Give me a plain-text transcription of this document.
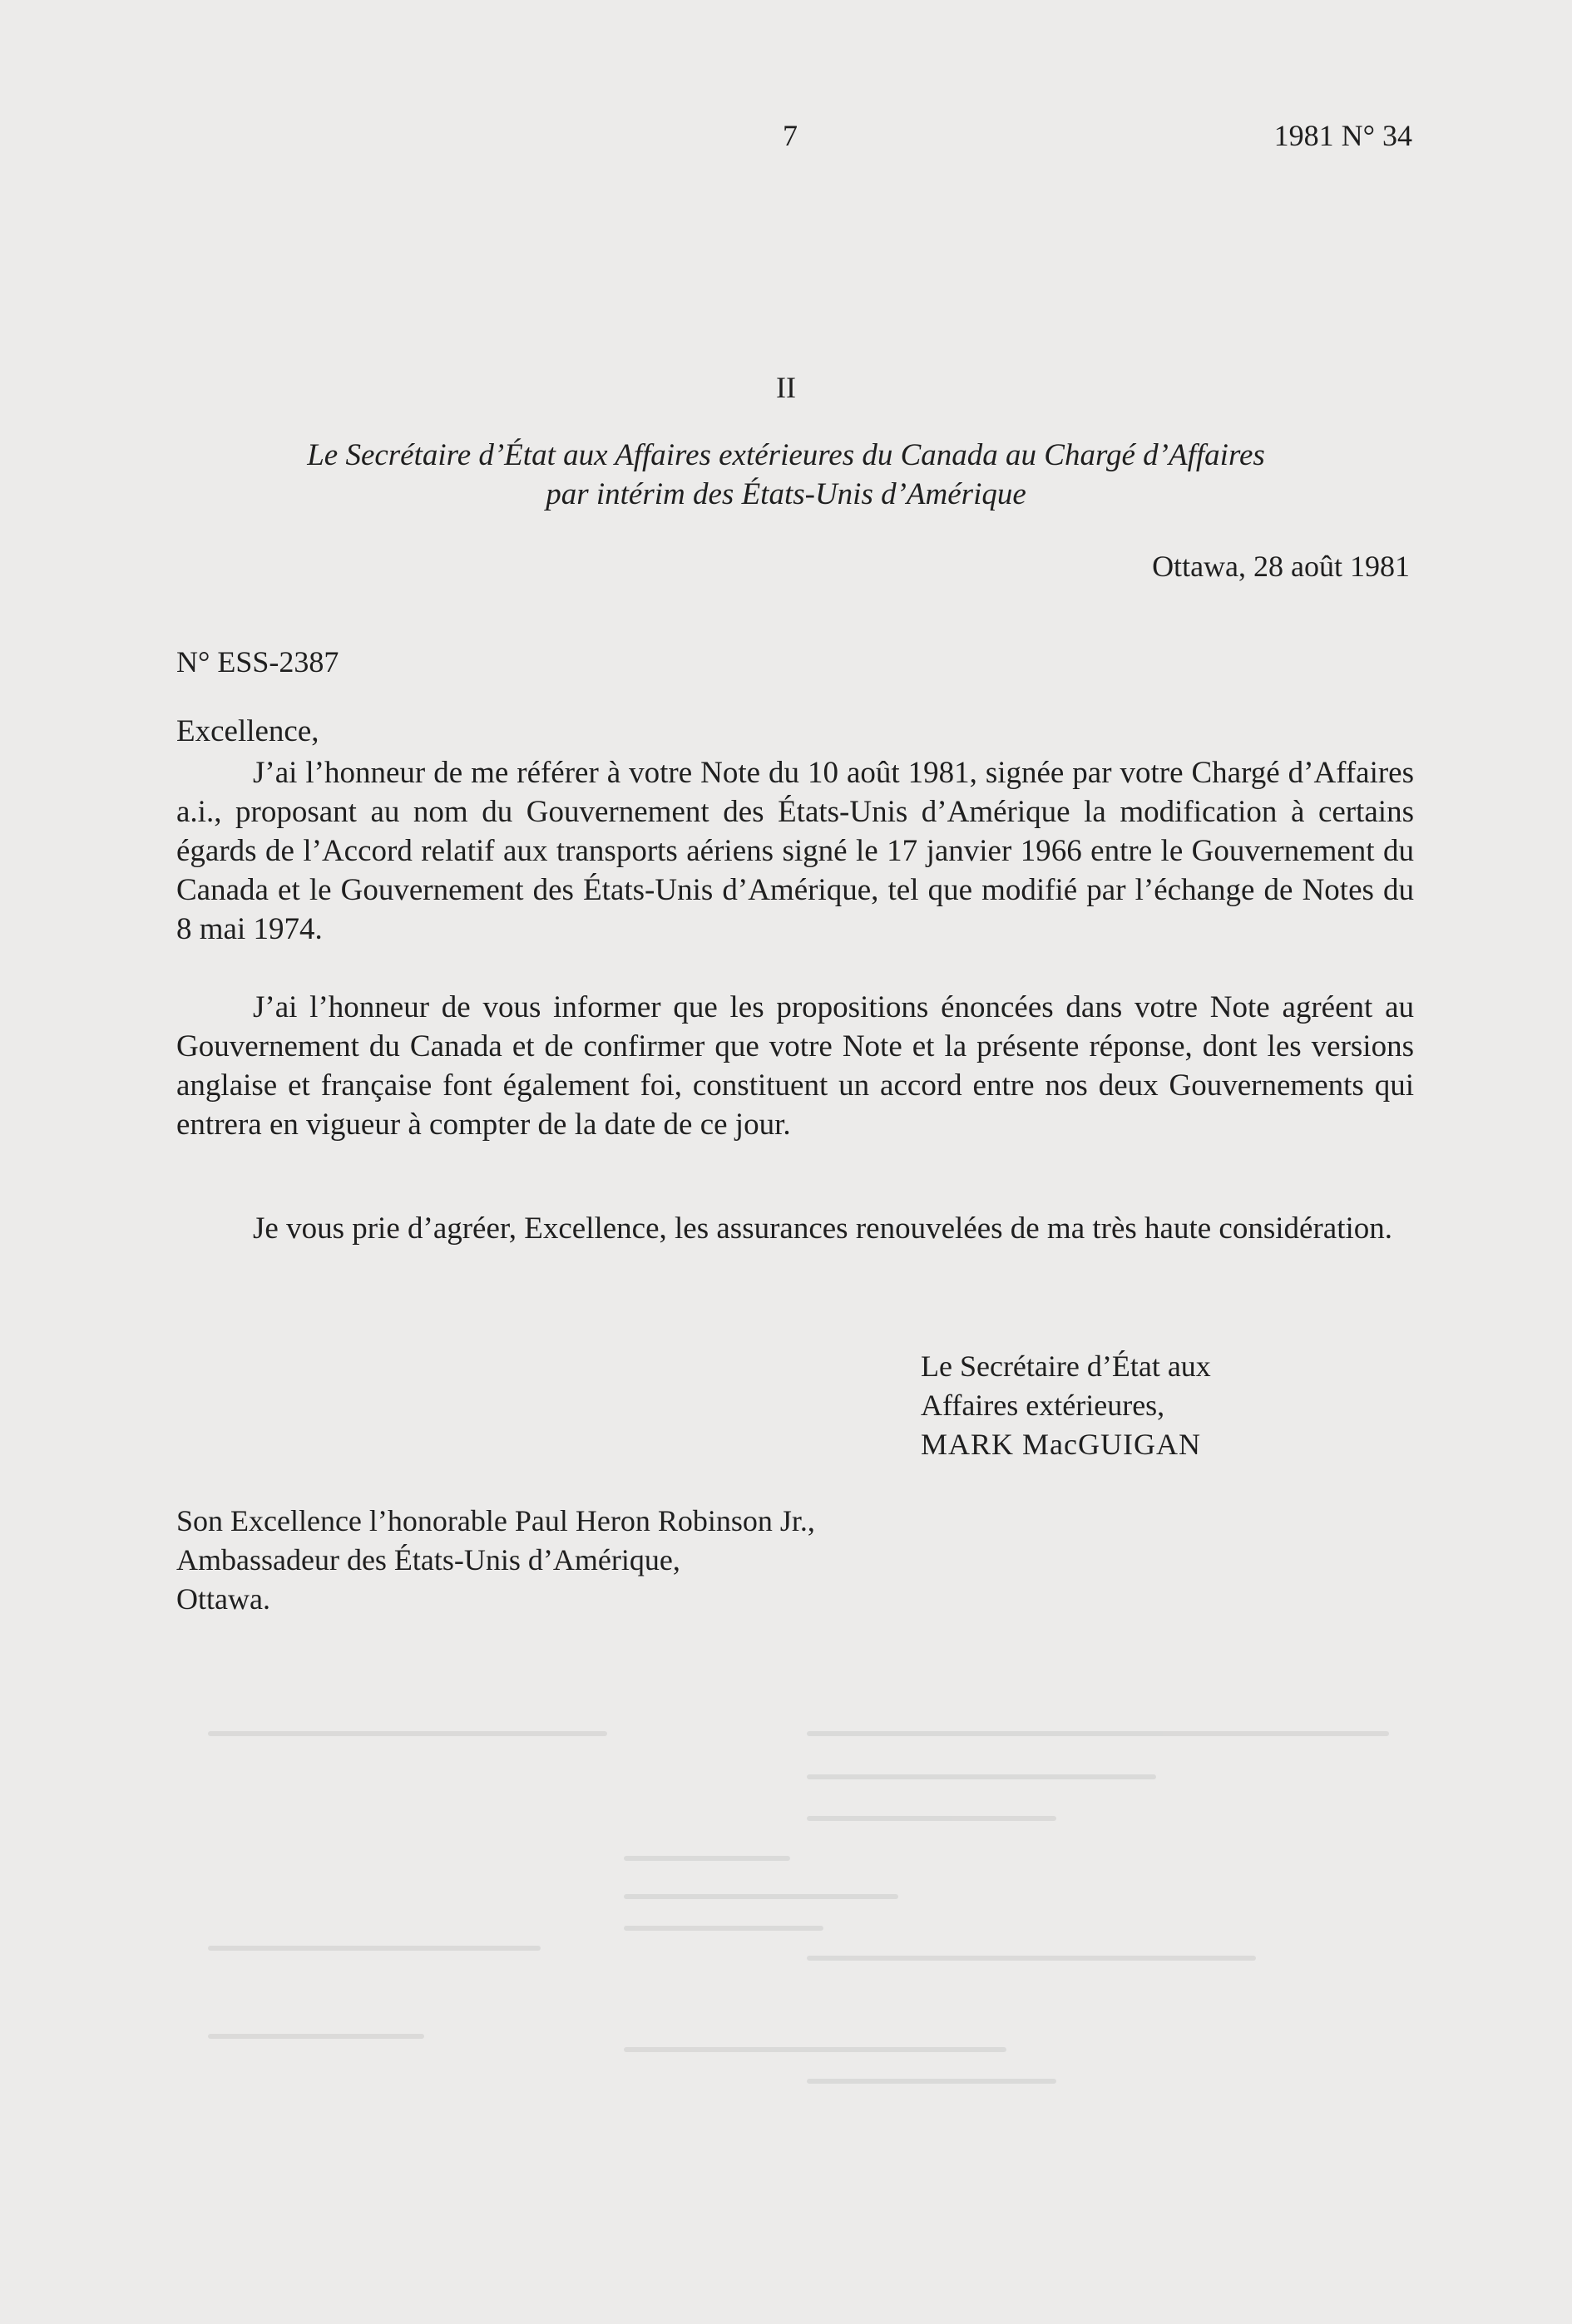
7	1981 N° 34
II
Le Secrétaire d’État aux Affaires extérieures du Canada au Chargé d’Affaires
par intérim des États-Unis d’Amérique
Ottawa, 28 août 1981
N° ESS-2387
Excellence,

J’ai l’honneur de me référer à votre Note du 10 août 1981, signée par votre Chargé d’Affaires a.i., proposant au nom du Gouvernement des États-Unis d’Amérique la modification à certains égards de l’Accord relatif aux transports aériens signé le 17 janvier 1966 entre le Gouvernement du Canada et le Gouvernement des États-Unis d’Amérique, tel que modifié par l’échange de Notes du 8 mai 1974.

J’ai l’honneur de vous informer que les propositions énoncées dans votre Note agréent au Gouvernement du Canada et de confirmer que votre Note et la présente réponse, dont les versions anglaise et française font également foi, constituent un accord entre nos deux Gouvernements qui entrera en vigueur à compter de la date de ce jour.

Je vous prie d’agréer, Excellence, les assurances renouvelées de ma très haute considération.

Le Secrétaire d’État aux
Affaires extérieures,
MARK MacGUIGAN
Son Excellence l’honorable Paul Heron Robinson Jr.,
Ambassadeur des États-Unis d’Amérique,
Ottawa.
